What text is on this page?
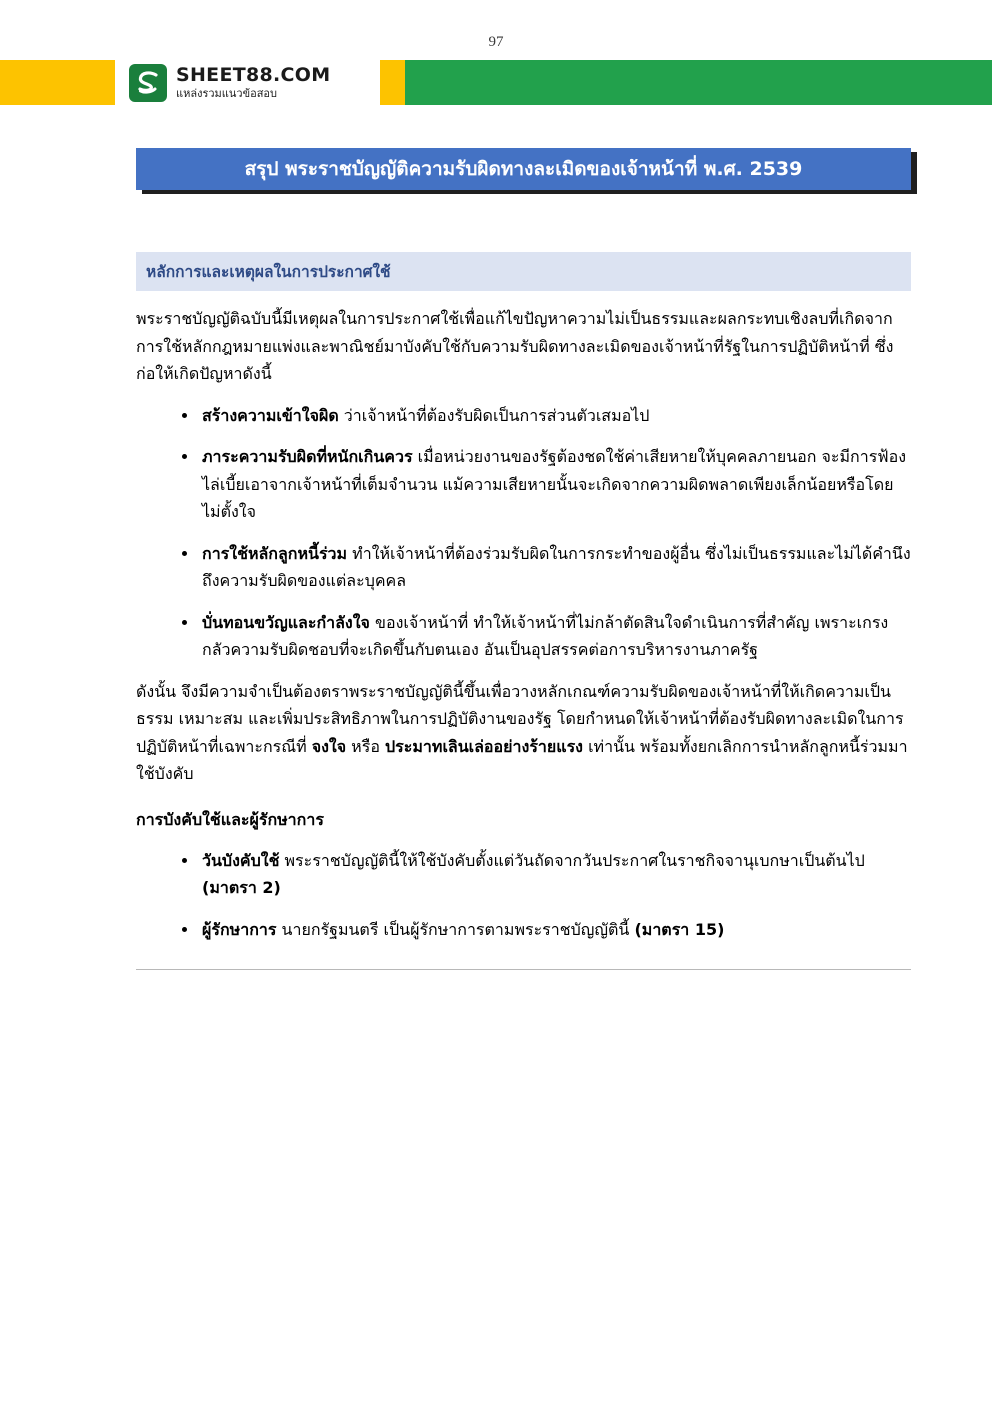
97
SHEET88.COM
แหล่งรวมแนวข้อสอบ
สรุป พระราชบัญญัติความรับผิดทางละเมิดของเจ้าหน้าที่ พ.ศ. 2539
หลักการและเหตุผลในการประกาศใช้

พระราชบัญญัติฉบับนี้มีเหตุผลในการประกาศใช้เพื่อแก้ไขปัญหาความไม่เป็นธรรมและผลกระทบเชิงลบที่เกิดจากการใช้หลักกฎหมายแพ่งและพาณิชย์มาบังคับใช้กับความรับผิดทางละเมิดของเจ้าหน้าที่รัฐในการปฏิบัติหน้าที่ ซึ่งก่อให้เกิดปัญหาดังนี้

สร้างความเข้าใจผิด ว่าเจ้าหน้าที่ต้องรับผิดเป็นการส่วนตัวเสมอไป
ภาระความรับผิดที่หนักเกินควร เมื่อหน่วยงานของรัฐต้องชดใช้ค่าเสียหายให้บุคคลภายนอก จะมีการฟ้องไล่เบี้ยเอาจากเจ้าหน้าที่เต็มจำนวน แม้ความเสียหายนั้นจะเกิดจากความผิดพลาดเพียงเล็กน้อยหรือโดยไม่ตั้งใจ
การใช้หลักลูกหนี้ร่วม ทำให้เจ้าหน้าที่ต้องร่วมรับผิดในการกระทำของผู้อื่น ซึ่งไม่เป็นธรรมและไม่ได้คำนึงถึงความรับผิดของแต่ละบุคคล
บั่นทอนขวัญและกำลังใจ ของเจ้าหน้าที่ ทำให้เจ้าหน้าที่ไม่กล้าตัดสินใจดำเนินการที่สำคัญ เพราะเกรงกลัวความรับผิดชอบที่จะเกิดขึ้นกับตนเอง อันเป็นอุปสรรคต่อการบริหารงานภาครัฐ

ดังนั้น จึงมีความจำเป็นต้องตราพระราชบัญญัตินี้ขึ้นเพื่อวางหลักเกณฑ์ความรับผิดของเจ้าหน้าที่ให้เกิดความเป็นธรรม เหมาะสม และเพิ่มประสิทธิภาพในการปฏิบัติงานของรัฐ โดยกำหนดให้เจ้าหน้าที่ต้องรับผิดทางละเมิดในการปฏิบัติหน้าที่เฉพาะกรณีที่ จงใจ หรือ ประมาทเลินเล่ออย่างร้ายแรง เท่านั้น พร้อมทั้งยกเลิกการนำหลักลูกหนี้ร่วมมาใช้บังคับ

การบังคับใช้และผู้รักษาการ
วันบังคับใช้ พระราชบัญญัตินี้ให้ใช้บังคับตั้งแต่วันถัดจากวันประกาศในราชกิจจานุเบกษาเป็นต้นไป (มาตรา 2)
ผู้รักษาการ นายกรัฐมนตรี เป็นผู้รักษาการตามพระราชบัญญัตินี้ (มาตรา 15)
